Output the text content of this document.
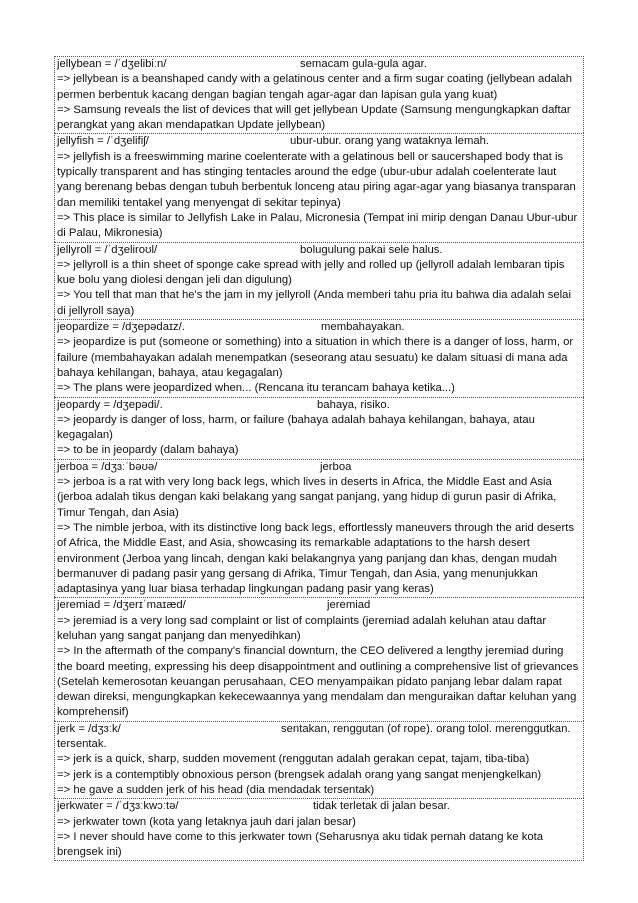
jellybean = /ˈdʒelibiːn/	semacam gula-gula agar.
=> jellybean is a beanshaped candy with a gelatinous center and a firm sugar coating (jellybean adalah permen berbentuk kacang dengan bagian tengah agar-agar dan lapisan gula yang kuat)
=> Samsung reveals the list of devices that will get jellybean Update (Samsung mengungkapkan daftar perangkat yang akan mendapatkan Update jellybean)
jellyfish = /ˈdʒelifiʃ/	ubur-ubur. orang yang wataknya lemah.
=> jellyfish is a freeswimming marine coelenterate with a gelatinous bell or saucershaped body that is typically transparent and has stinging tentacles around the edge (ubur-ubur adalah coelenterate laut yang berenang bebas dengan tubuh berbentuk lonceng atau piring agar-agar yang biasanya transparan dan memiliki tentakel yang menyengat di sekitar tepinya)
=> This place is similar to Jellyfish Lake in Palau, Micronesia (Tempat ini mirip dengan Danau Ubur-ubur di Palau, Mikronesia)
jellyroll = /ˈdʒeliroʊl/	bolugulung pakai sele halus.
=> jellyroll is a thin sheet of sponge cake spread with jelly and rolled up (jellyroll adalah lembaran tipis kue bolu yang diolesi dengan jeli dan digulung)
=> You tell that man that he's the jam in my jellyroll (Anda memberi tahu pria itu bahwa dia adalah selai di jellyroll saya)
jeopardize = /dʒepədaɪz/.	membahayakan.
=> jeopardize is put (someone or something) into a situation in which there is a danger of loss, harm, or failure (membahayakan adalah menempatkan (seseorang atau sesuatu) ke dalam situasi di mana ada bahaya kehilangan, bahaya, atau kegagalan)
=> The plans were jeopardized when... (Rencana itu terancam bahaya ketika...)
jeopardy = /dʒepədi/.	bahaya, risiko.
=> jeopardy is danger of loss, harm, or failure (bahaya adalah bahaya kehilangan, bahaya, atau kegagalan)
=> to be in jeopardy (dalam bahaya)
jerboa = /dʒɜːˈbəʊə/	jerboa
=> jerboa is a rat with very long back legs, which lives in deserts in Africa, the Middle East and Asia (jerboa adalah tikus dengan kaki belakang yang sangat panjang, yang hidup di gurun pasir di Afrika, Timur Tengah, dan Asia)
=> The nimble jerboa, with its distinctive long back legs, effortlessly maneuvers through the arid deserts of Africa, the Middle East, and Asia, showcasing its remarkable adaptations to the harsh desert environment (Jerboa yang lincah, dengan kaki belakangnya yang panjang dan khas, dengan mudah bermanuver di padang pasir yang gersang di Afrika, Timur Tengah, dan Asia, yang menunjukkan adaptasinya yang luar biasa terhadap lingkungan padang pasir yang keras)
jeremiad = /dʒerɪˈmaɪæd/	jeremiad
=> jeremiad is a very long sad complaint or list of complaints (jeremiad adalah keluhan atau daftar keluhan yang sangat panjang dan menyedihkan)
=> In the aftermath of the company's financial downturn, the CEO delivered a lengthy jeremiad during the board meeting, expressing his deep disappointment and outlining a comprehensive list of grievances (Setelah kemerosotan keuangan perusahaan, CEO menyampaikan pidato panjang lebar dalam rapat dewan direksi, mengungkapkan kekecewaannya yang mendalam dan menguraikan daftar keluhan yang komprehensif)
jerk = /dʒɜːk/	sentakan, renggutan (of rope). orang tolol. merenggutkan. tersentak.
=> jerk is a quick, sharp, sudden movement (renggutan adalah gerakan cepat, tajam, tiba-tiba)
=> jerk is a contemptibly obnoxious person (brengsek adalah orang yang sangat menjengkelkan)
=> he gave a sudden jerk of his head (dia mendadak tersentak)
jerkwater = /ˈdʒɜːkwɔːtə/	tidak terletak di jalan besar.
=> jerkwater town (kota yang letaknya jauh dari jalan besar)
=> I never should have come to this jerkwater town (Seharusnya aku tidak pernah datang ke kota brengsek ini)
